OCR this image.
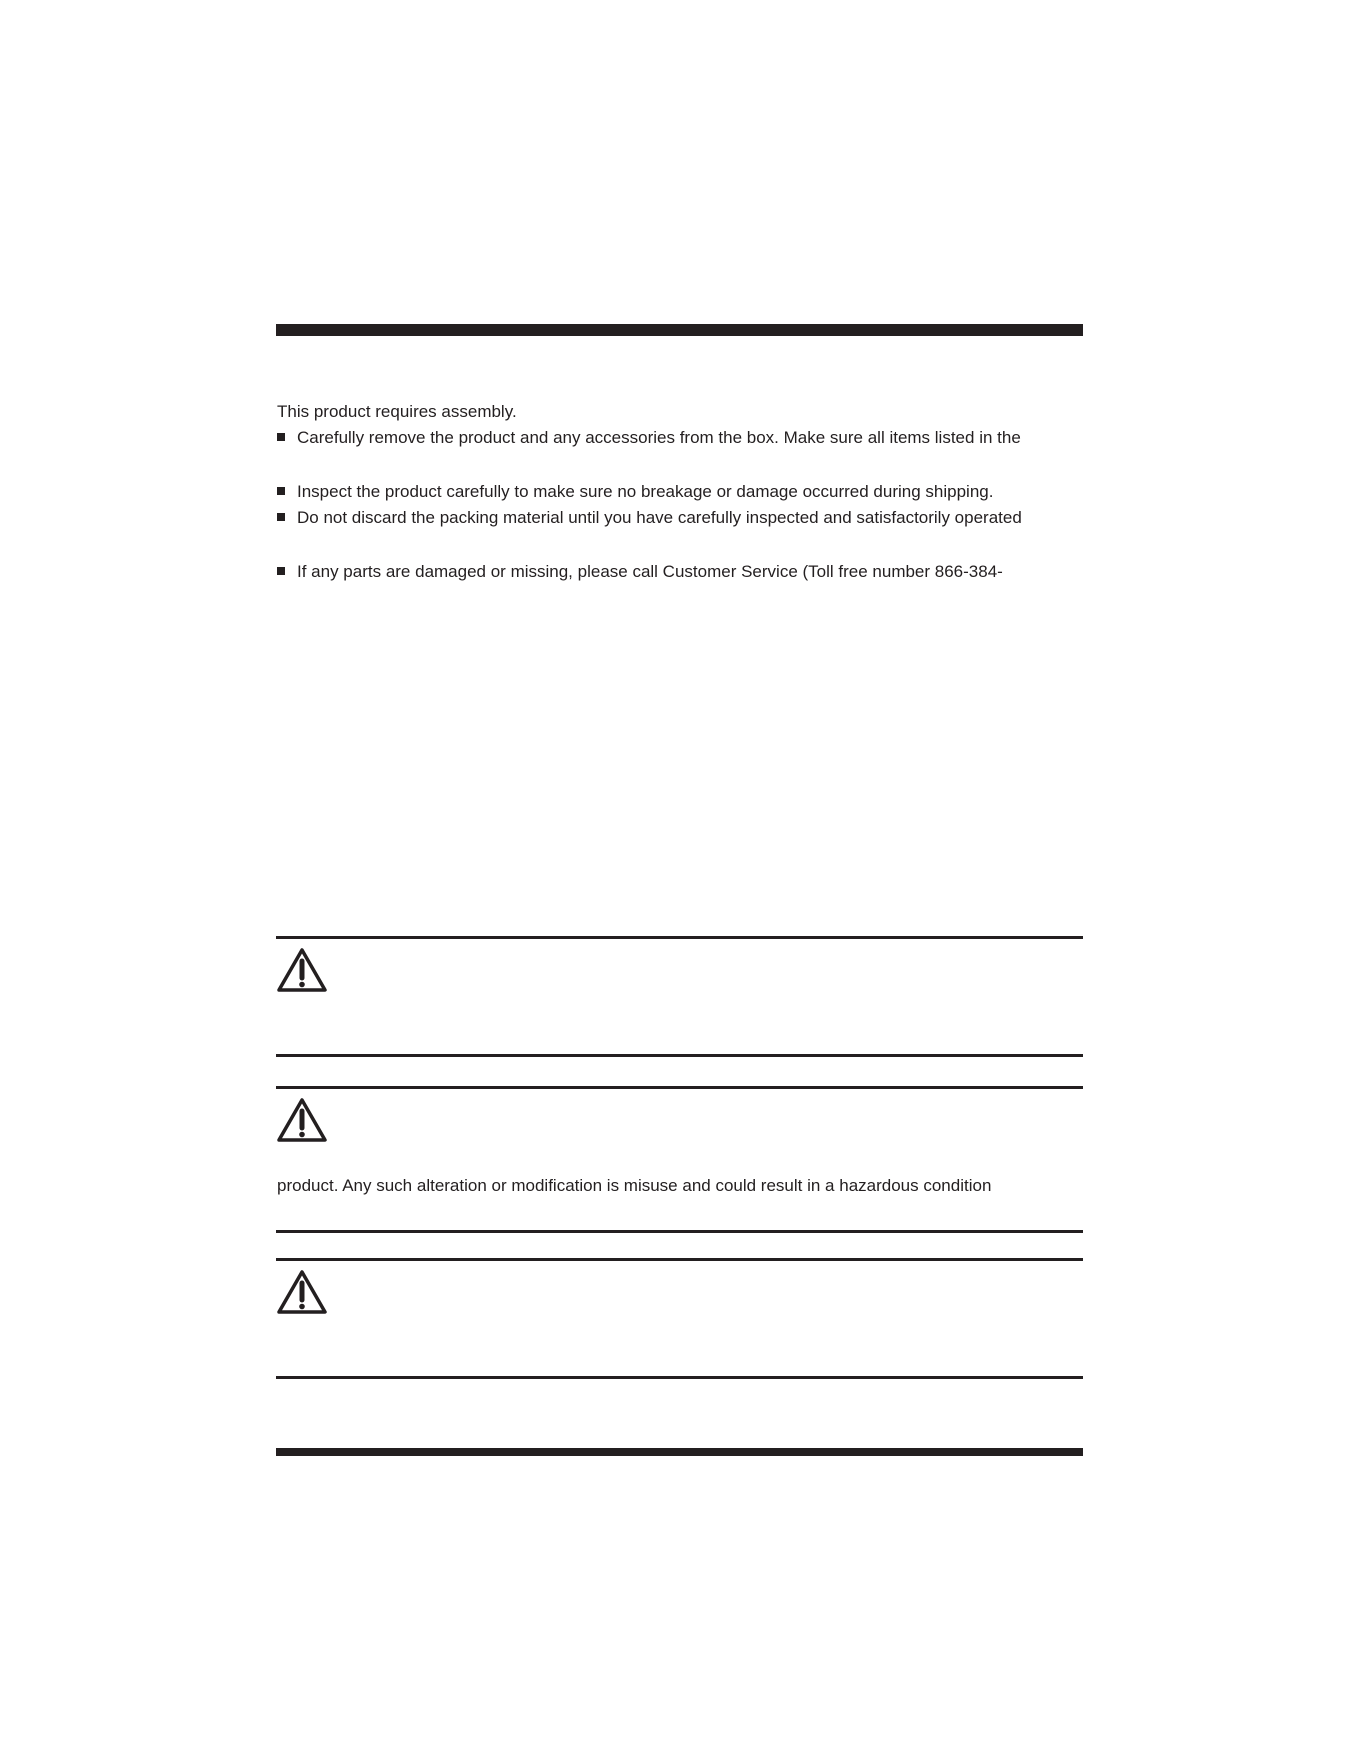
This product requires assembly.
Carefully remove the product and any accessories from the box. Make sure all items listed in the
Inspect the product carefully to make sure no breakage or damage occurred during shipping.
Do not discard the packing material until you have carefully inspected and satisfactorily operated
If any parts are damaged or missing, please call Customer Service (Toll free number 866-384-
product. Any such alteration or modification is misuse and could result in a hazardous condition
